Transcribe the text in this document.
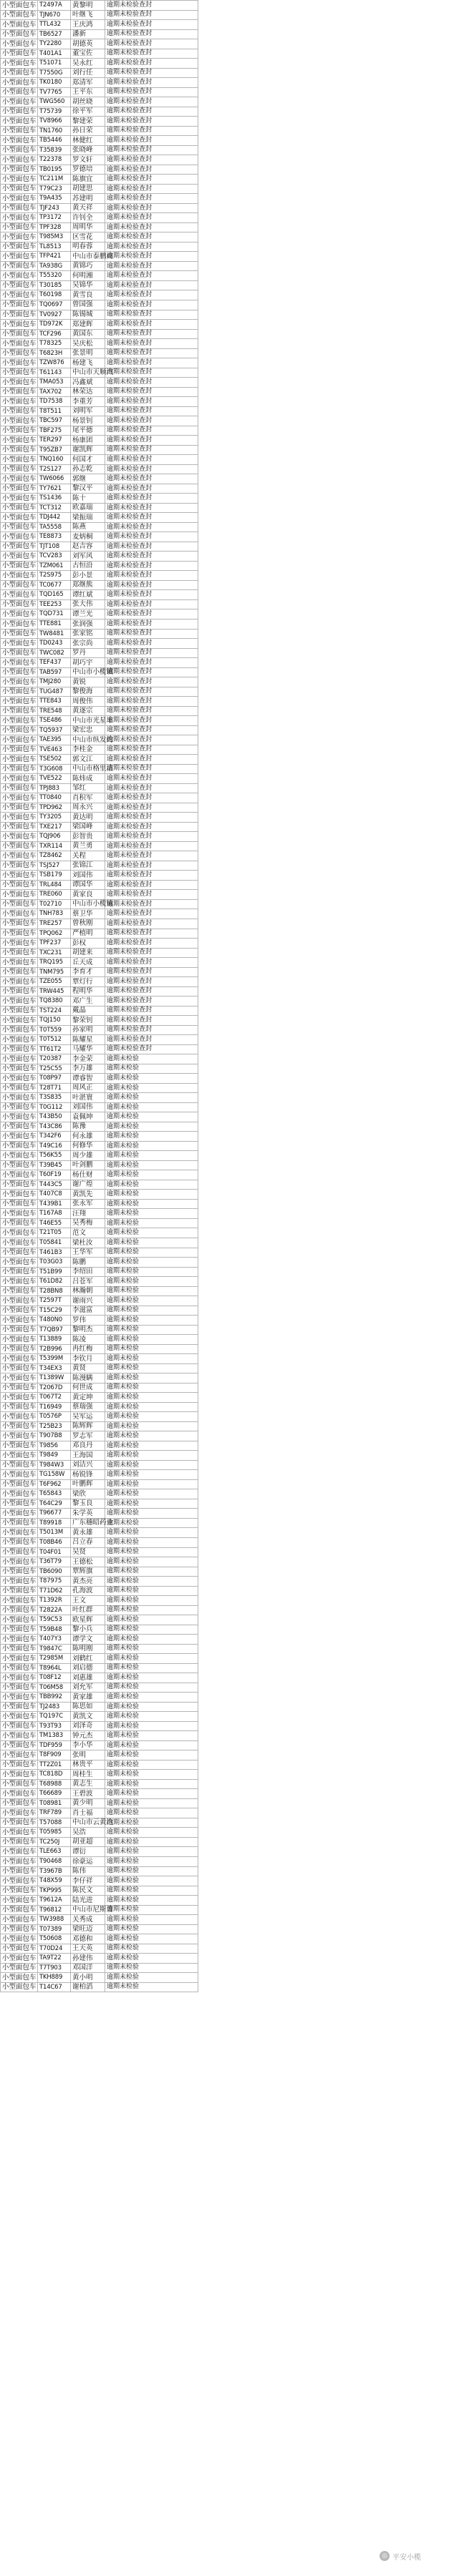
小型面包车	T2497A	黄黎明	逾期未检验查封
小型面包车	TJN670	叶继飞	逾期未检验查封
小型面包车	TTL432	王庆鸿	逾期未检验查封
小型面包车	TB6527	潘新	逾期未检验查封
小型面包车	TY2280	胡德英	逾期未检验查封
小型面包车	T401A1	董宝佐	逾期未检验查封
小型面包车	T51071	吴永红	逾期未检验查封
小型面包车	T7550G	刘行任	逾期未检验查封
小型面包车	TK0180	郑清军	逾期未检验查封
小型面包车	TV7765	王平东	逾期未检验查封
小型面包车	TWG560	胡丝晓	逾期未检验查封
小型面包车	T75739	徐平军	逾期未检验查封
小型面包车	TV8966	黎建荣	逾期未检验查封
小型面包车	TN1760	孙日荣	逾期未检验查封
小型面包车	TB5446	林健红	逾期未检验查封
小型面包车	T35839	张晓峰	逾期未检验查封
小型面包车	T22378	罗文轩	逾期未检验查封
小型面包车	TB0195	罗德培	逾期未检验查封
小型面包车	TC211M	陈旗宜	逾期未检验查封
小型面包车	T79C23	胡建思	逾期未检验查封
小型面包车	T9A435	苏建明	逾期未检验查封
小型面包车	TJF243	黄天祥	逾期未检验查封
小型面包车	TP3172	许钊全	逾期未检验查封
小型面包车	TPF328	周明华	逾期未检验查封
小型面包车	T985M3	区雪花	逾期未检验查封
小型面包车	TL8513	明春蓉	逾期未检验查封
小型面包车	TFP421	中山市泰鹏商	逾期未检验查封
小型面包车	TA938G	黄锦巧	逾期未检验查封
小型面包车	T55320	何明湘	逾期未检验查封
小型面包车	T30185	吴锦华	逾期未检验查封
小型面包车	T60198	黄雪良	逾期未检验查封
小型面包车	TQ0697	曾国强	逾期未检验查封
小型面包车	TV0927	陈锡城	逾期未检验查封
小型面包车	TD972K	郑建辉	逾期未检验查封
小型面包车	TCF296	黄国东	逾期未检验查封
小型面包车	T78325	吴庆松	逾期未检验查封
小型面包车	T6823H	张景明	逾期未检验查封
小型面包车	TZW876	杨建飞	逾期未检验查封
小型面包车	T61143	中山市天顺汽	逾期未检验查封
小型面包车	TMA053	冯鑫斌	逾期未检验查封
小型面包车	TAX702	林荣达	逾期未检验查封
小型面包车	TD7538	李重芳	逾期未检验查封
小型面包车	T8T511	刘明军	逾期未检验查封
小型面包车	TBC597	杨景钊	逾期未检验查封
小型面包车	TBF275	尾平德	逾期未检验查封
小型面包车	TER297	杨康团	逾期未检验查封
小型面包车	T95ZB7	谢凯辉	逾期未检验查封
小型面包车	TNQ160	何国才	逾期未检验查封
小型面包车	T2S127	孙志乾	逾期未检验查封
小型面包车	TW6066	郭继	逾期未检验查封
小型面包车	TY7621	黎汉平	逾期未检验查封
小型面包车	TS1436	陈十	逾期未检验查封
小型面包车	TCT312	欧嘉瑞	逾期未检验查封
小型面包车	TDJ442	梁振瑞	逾期未检验查封
小型面包车	TA5558	陈燕	逾期未检验查封
小型面包车	TE8873	麦炳桐	逾期未检验查封
小型面包车	TJT108	赵吉容	逾期未检验查封
小型面包车	TCV283	刘军风	逾期未检验查封
小型面包车	TZM061	古恒沿	逾期未检验查封
小型面包车	T2S975	彭小景	逾期未检验查封
小型面包车	TC0677	郑继熊	逾期未检验查封
小型面包车	TQD165	谭红斌	逾期未检验查封
小型面包车	TEE253	张大伟	逾期未检验查封
小型面包车	TQD731	谭兰光	逾期未检验查封
小型面包车	TTE881	张润强	逾期未检验查封
小型面包车	TW8481	张家铭	逾期未检验查封
小型面包车	TD0243	张宗尚	逾期未检验查封
小型面包车	TWC082	罗丹	逾期未检验查封
小型面包车	TEF437	胡巧宇	逾期未检验查封
小型面包车	TAB597	中山市小榄镇	逾期未检验查封
小型面包车	TMJ280	黄锐	逾期未检验查封
小型面包车	TUG487	黎俊海	逾期未检验查封
小型面包车	TTE843	周俊伟	逾期未检验查封
小型面包车	TRE548	黄逐宗	逾期未检验查封
小型面包车	TSE486	中山市光星丰	逾期未检验查封
小型面包车	TQ5937	梁宏忠	逾期未检验查封
小型面包车	TAE395	中山市纵发约	逾期未检验查封
小型面包车	TVE463	李桂金	逾期未检验查封
小型面包车	TSE502	郭文江	逾期未检验查封
小型面包车	T3G608	中山市格里洁	逾期未检验查封
小型面包车	TVE522	陈炜成	逾期未检验查封
小型面包车	TPJ883	邹红	逾期未检验查封
小型面包车	TT0840	肖积军	逾期未检验查封
小型面包车	TPD962	周永兴	逾期未检验查封
小型面包车	TY3205	黄达明	逾期未检验查封
小型面包车	TXE217	梁国峰	逾期未检验查封
小型面包车	TQJ906	彭智贵	逾期未检验查封
小型面包车	TXR114	黄兰勇	逾期未检验查封
小型面包车	TZ8462	关程	逾期未检验查封
小型面包车	TSJ527	张锦江	逾期未检验查封
小型面包车	TSB179	刘国伟	逾期未检验查封
小型面包车	TRL484	谭国华	逾期未检验查封
小型面包车	TRE060	黄家良	逾期未检验查封
小型面包车	T02710	中山市小榄镇	逾期未检验查封
小型面包车	TNH783	蔡卫华	逾期未检验查封
小型面包车	TRE257	曾秋刚	逾期未检验查封
小型面包车	TPQ062	严植明	逾期未检验查封
小型面包车	TPF237	彭权	逾期未检验查封
小型面包车	TXC231	胡建来	逾期未检验查封
小型面包车	TRQ195	丘天成	逾期未检验查封
小型面包车	TNM795	李育才	逾期未检验查封
小型面包车	TZE055	覃灯行	逾期未检验查封
小型面包车	TRW445	程明华	逾期未检验查封
小型面包车	TQ8380	邓广生	逾期未检验查封
小型面包车	TST224	戴晶	逾期未检验查封
小型面包车	TQJ150	黎荣钊	逾期未检验查封
小型面包车	T0T559	孙家明	逾期未检验查封
小型面包车	T0T512	陈耀星	逾期未检验查封
小型面包车	TT61T2	马耀华	逾期未检验查封
小型面包车	T20387	李金荣	逾期未检验
小型面包车	T25C55	李万雄	逾期未检验
小型面包车	T08P97	谭睿智	逾期未检验
小型面包车	T28T71	周风正	逾期未检验
小型面包车	T3S835	叶湛寰	逾期未检验
小型面包车	T0G112	刘国伟	逾期未检验
小型面包车	T43B50	袁佩坤	逾期未检验
小型面包车	T43C86	陈豫	逾期未检验
小型面包车	T342F6	何永雄	逾期未检验
小型面包车	T49C16	何修华	逾期未检验
小型面包车	T56K55	周少雄	逾期未检验
小型面包车	T39B45	叶剑鹏	逾期未检验
小型面包车	T60F19	杨仕财	逾期未检验
小型面包车	T443C5	谢广煌	逾期未检验
小型面包车	T407C8	黄凯先	逾期未检验
小型面包车	T439B1	张永军	逾期未检验
小型面包车	T167A8	汪翔	逾期未检验
小型面包车	T46E55	吴秀梅	逾期未检验
小型面包车	T21T05	范文	逾期未检验
小型面包车	T05841	梁杜汝	逾期未检验
小型面包车	T461B3	王华军	逾期未检验
小型面包车	T03G03	陈鹏	逾期未检验
小型面包车	T51B99	李绍田	逾期未检验
小型面包车	T61D82	吕苍军	逾期未检验
小型面包车	T28BN8	林瀚朝	逾期未检验
小型面包车	T2597T	谢雨兴	逾期未检验
小型面包车	T15C29	李滋富	逾期未检验
小型面包车	T480N0	罗伟	逾期未检验
小型面包车	T7QB97	黎明杰	逾期未检验
小型面包车	T13889	陈凌	逾期未检验
小型面包车	T2B996	冉红梅	逾期未检验
小型面包车	T5399M	李钦月	逾期未检验
小型面包车	T34EX3	黄贤	逾期未检验
小型面包车	T1389W	陈漫瞒	逾期未检验
小型面包车	T2067D	何世成	逾期未检验
小型面包车	T067T2	黄定坤	逾期未检验
小型面包车	T16949	蔡瑞强	逾期未检验
小型面包车	T0576P	吴军运	逾期未检验
小型面包车	T25B23	陈辉辉	逾期未检验
小型面包车	T907B8	罗志军	逾期未检验
小型面包车	T9856	邓良丹	逾期未检验
小型面包车	T9849	王海国	逾期未检验
小型面包车	T984W3	刘洁兴	逾期未检验
小型面包车	TG158W	杨锐锋	逾期未检验
小型面包车	T6F962	叶鹏辉	逾期未检验
小型面包车	T65843	梁欣	逾期未检验
小型面包车	T64C29	黎玉良	逾期未检验
小型面包车	T96677	朱学英	逾期未检验
小型面包车	T89918	广东穗昭药业	逾期未检验
小型面包车	T5013M	黄永雄	逾期未检验
小型面包车	T08B46	吕立春	逾期未检验
小型面包车	T04F01	吴贤	逾期未检验
小型面包车	T36T79	王德松	逾期未检验
小型面包车	TB6090	覃辉旗	逾期未检验
小型面包车	T87975	黄杰亮	逾期未检验
小型面包车	T71D62	孔海波	逾期未检验
小型面包车	T1392R	王文	逾期未检验
小型面包车	T2822A	叶红群	逾期未检验
小型面包车	T59C53	欧星辉	逾期未检验
小型面包车	T59B48	黎小兵	逾期未检验
小型面包车	T407Y3	谭学文	逾期未检验
小型面包车	T9847C	陈明刚	逾期未检验
小型面包车	T2985M	刘鹤红	逾期未检验
小型面包车	T8964L	刘启德	逾期未检验
小型面包车	T08F12	刘惠雄	逾期未检验
小型面包车	T06M58	刘允军	逾期未检验
小型面包车	TBB992	黄家雄	逾期未检验
小型面包车	TJ2483	陈思如	逾期未检验
小型面包车	TQ197C	黄凯文	逾期未检验
小型面包车	T93T93	刘泽奇	逾期未检验
小型面包车	TM1383	钟元杰	逾期未检验
小型面包车	TDF959	李小华	逾期未检验
小型面包车	T8F909	张明	逾期未检验
小型面包车	TT2Z01	林贵平	逾期未检验
小型面包车	TC818D	周桂生	逾期未检验
小型面包车	T68988	黄志生	逾期未检验
小型面包车	T66689	王碧波	逾期未检验
小型面包车	T08981	黄少明	逾期未检验
小型面包车	TRF789	肖士福	逾期未检验
小型面包车	T57088	中山市云黄汽	逾期未检验
小型面包车	T05985	吴浩	逾期未检验
小型面包车	TC250J	胡亚超	逾期未检验
小型面包车	TLE663	谭衍	逾期未检验
小型面包车	T90468	徐豪运	逾期未检验
小型面包车	T3967B	陈伟	逾期未检验
小型面包车	T48X59	李仔祥	逾期未检验
小型面包车	TKP995	陈民文	逾期未检验
小型面包车	T9612A	陆光进	逾期未检验
小型面包车	T96812	中山市尼斯普	逾期未检验
小型面包车	TW3988	关秀成	逾期未检验
小型面包车	T07389	梁旺迈	逾期未检验
小型面包车	T50608	邓德和	逾期未检验
小型面包车	T70D24	王天英	逾期未检验
小型面包车	TA9T22	孙建伟	逾期未检验
小型面包车	T7T903	邓国洋	逾期未检验
小型面包车	TKH889	黄小明	逾期未检验
小型面包车	T14C67	谢柏滔	逾期未检验
◎ 平安小榄
